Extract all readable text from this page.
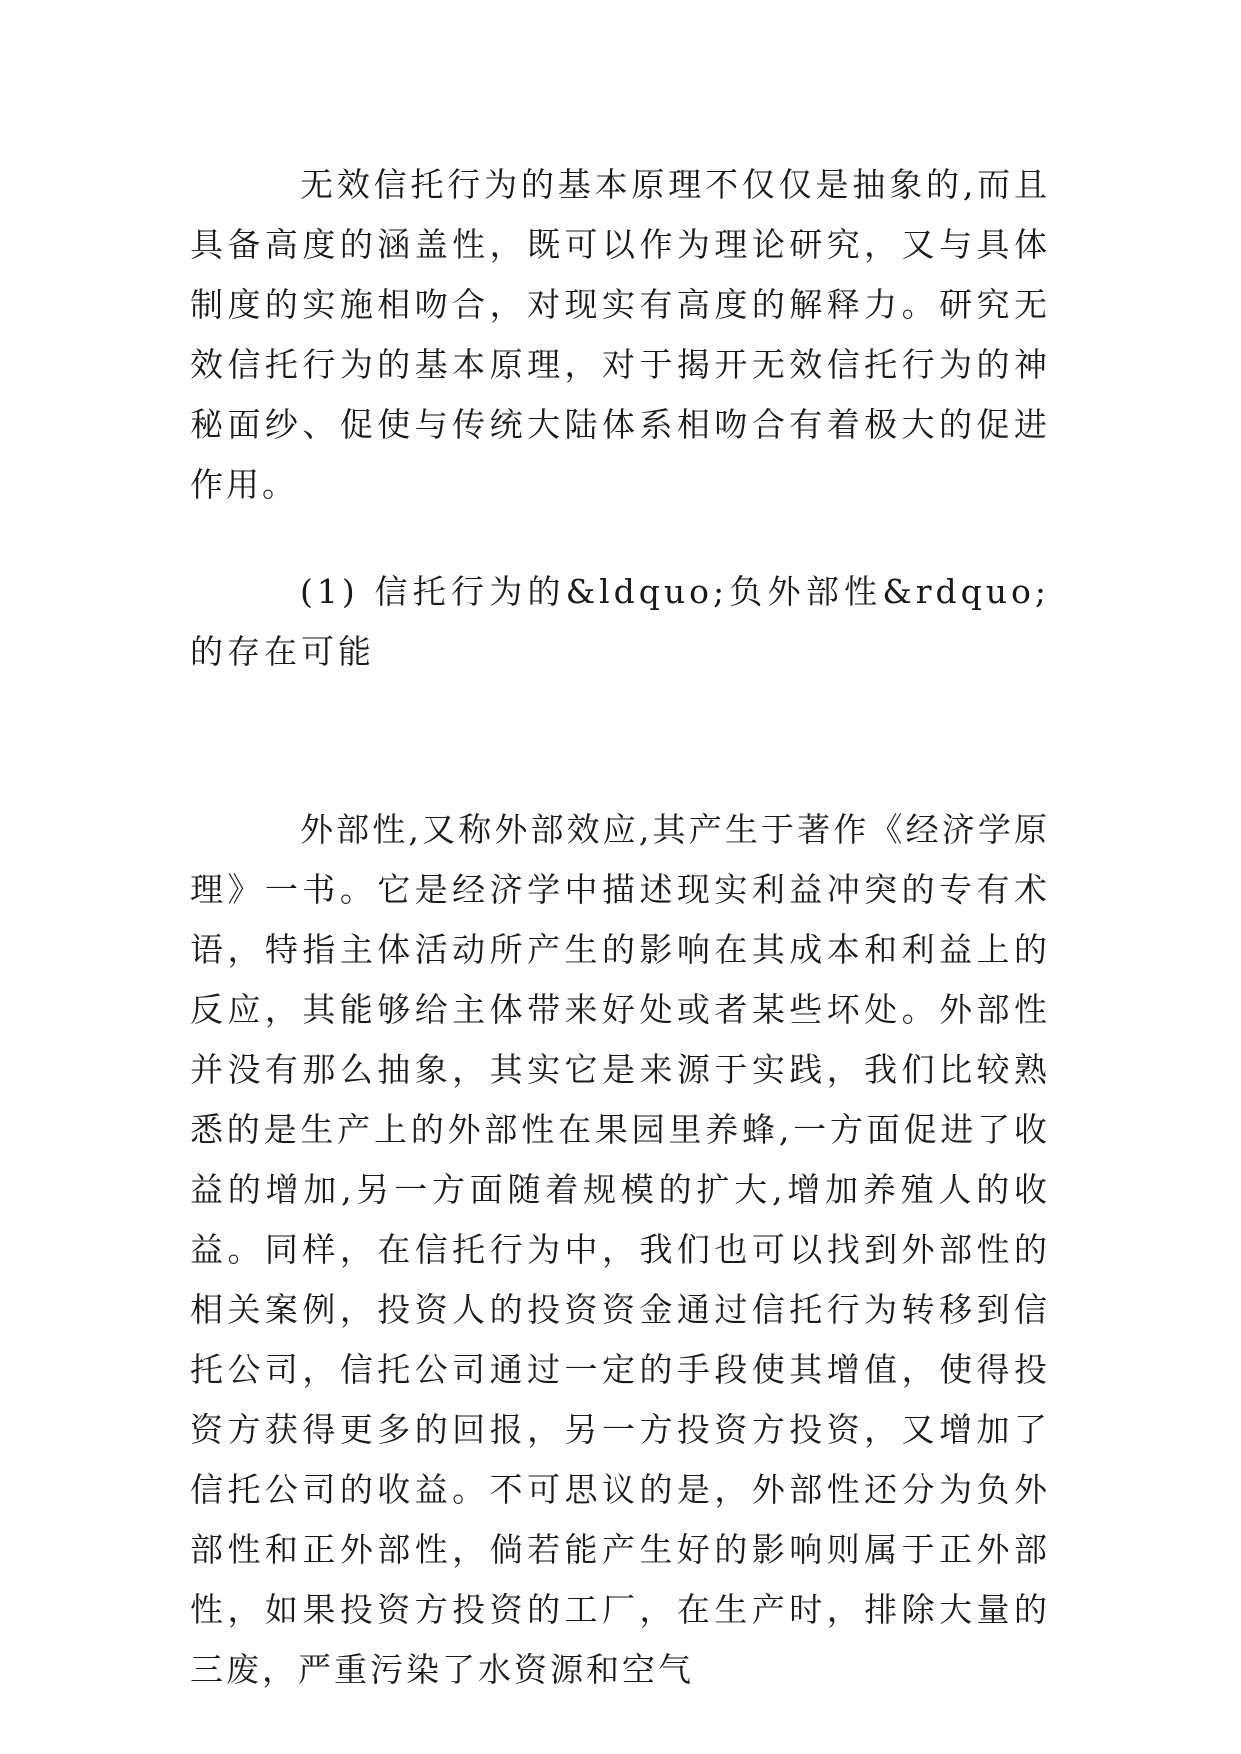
无效信托行为的基本原理不仅仅是抽象的,而且具备高度的涵盖性，既可以作为理论研究，又与具体制度的实施相吻合，对现实有高度的解释力。研究无效信托行为的基本原理，对于揭开无效信托行为的神秘面纱、促使与传统大陆体系相吻合有着极大的促进作用。

(1) 信托行为的&ldquo;负外部性&rdquo;的存在可能

外部性,又称外部效应,其产生于著作《经济学原理》一书。它是经济学中描述现实利益冲突的专有术语，特指主体活动所产生的影响在其成本和利益上的反应，其能够给主体带来好处或者某些坏处。外部性并没有那么抽象，其实它是来源于实践，我们比较熟悉的是生产上的外部性在果园里养蜂,一方面促进了收益的增加,另一方面随着规模的扩大,增加养殖人的收益。同样，在信托行为中，我们也可以找到外部性的相关案例，投资人的投资资金通过信托行为转移到信托公司，信托公司通过一定的手段使其增值，使得投资方获得更多的回报，另一方投资方投资，又增加了信托公司的收益。不可思议的是，外部性还分为负外部性和正外部性，倘若能产生好的影响则属于正外部性，如果投资方投资的工厂，在生产时，排除大量的三废，严重污染了水资源和空气
